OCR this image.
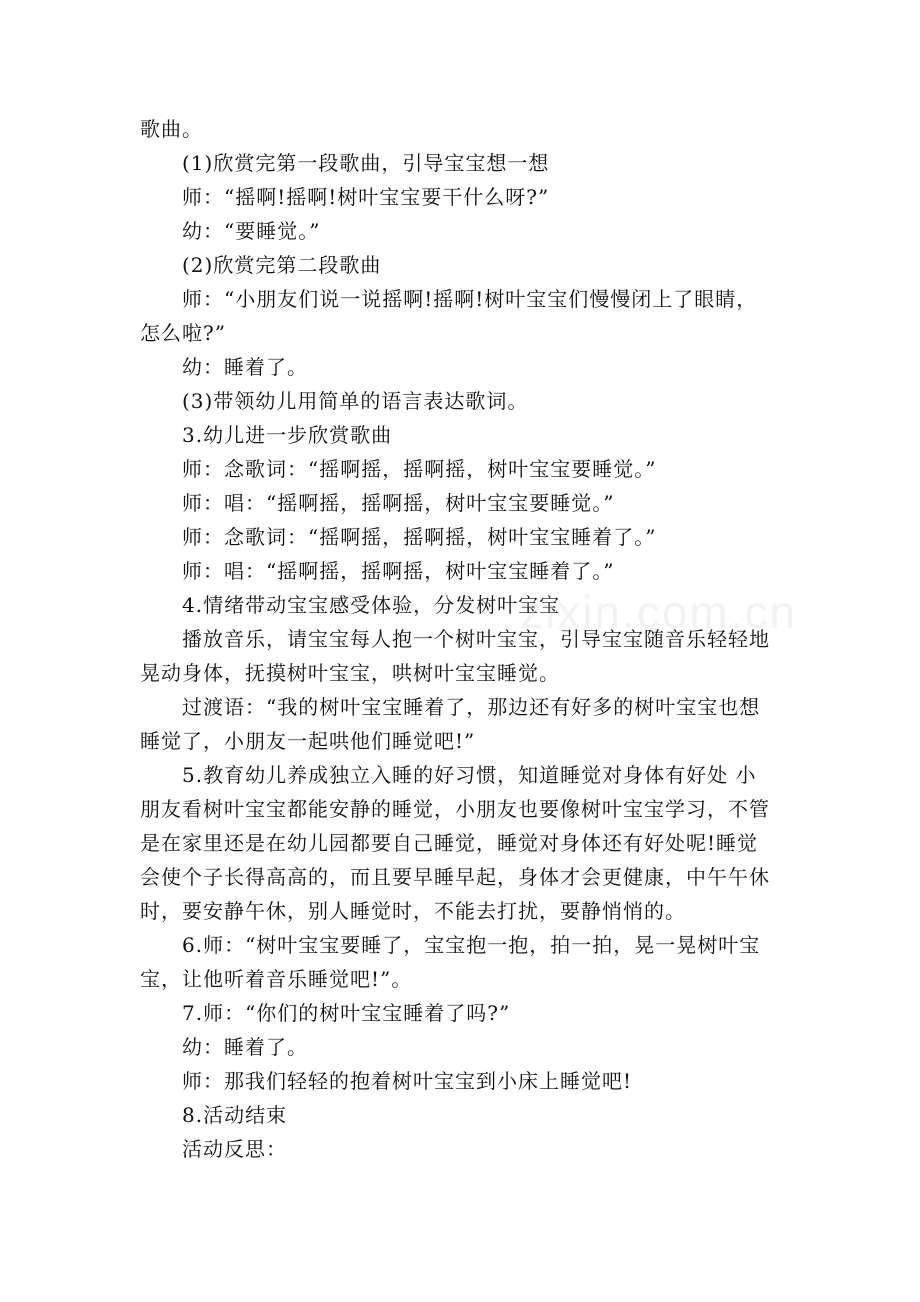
歌曲。
(1)欣赏完第一段歌曲，引导宝宝想一想
师：“摇啊!摇啊!树叶宝宝要干什么呀?”
幼：“要睡觉。”
(2)欣赏完第二段歌曲
师：“小朋友们说一说摇啊!摇啊!树叶宝宝们慢慢闭上了眼睛，
怎么啦?”
幼：睡着了。
(3)带领幼儿用简单的语言表达歌词。
3.幼儿进一步欣赏歌曲
师：念歌词：“摇啊摇，摇啊摇，树叶宝宝要睡觉。”
师：唱：“摇啊摇，摇啊摇，树叶宝宝要睡觉。”
师：念歌词：“摇啊摇，摇啊摇，树叶宝宝睡着了。”
师：唱：“摇啊摇，摇啊摇，树叶宝宝睡着了。”
4.情绪带动宝宝感受体验，分发树叶宝宝
播放音乐，请宝宝每人抱一个树叶宝宝，引导宝宝随音乐轻轻地
晃动身体，抚摸树叶宝宝，哄树叶宝宝睡觉。
过渡语：“我的树叶宝宝睡着了，那边还有好多的树叶宝宝也想
睡觉了，小朋友一起哄他们睡觉吧!”
5.教育幼儿养成独立入睡的好习惯，知道睡觉对身体有好处 小
朋友看树叶宝宝都能安静的睡觉，小朋友也要像树叶宝宝学习，不管
是在家里还是在幼儿园都要自己睡觉，睡觉对身体还有好处呢!睡觉
会使个子长得高高的，而且要早睡早起，身体才会更健康，中午午休
时，要安静午休，别人睡觉时，不能去打扰，要静悄悄的。
6.师：“树叶宝宝要睡了，宝宝抱一抱，拍一拍，晃一晃树叶宝
宝，让他听着音乐睡觉吧!”。
7.师：“你们的树叶宝宝睡着了吗?”
幼：睡着了。
师：那我们轻轻的抱着树叶宝宝到小床上睡觉吧!
8.活动结束
活动反思：
zixin.com.cn
